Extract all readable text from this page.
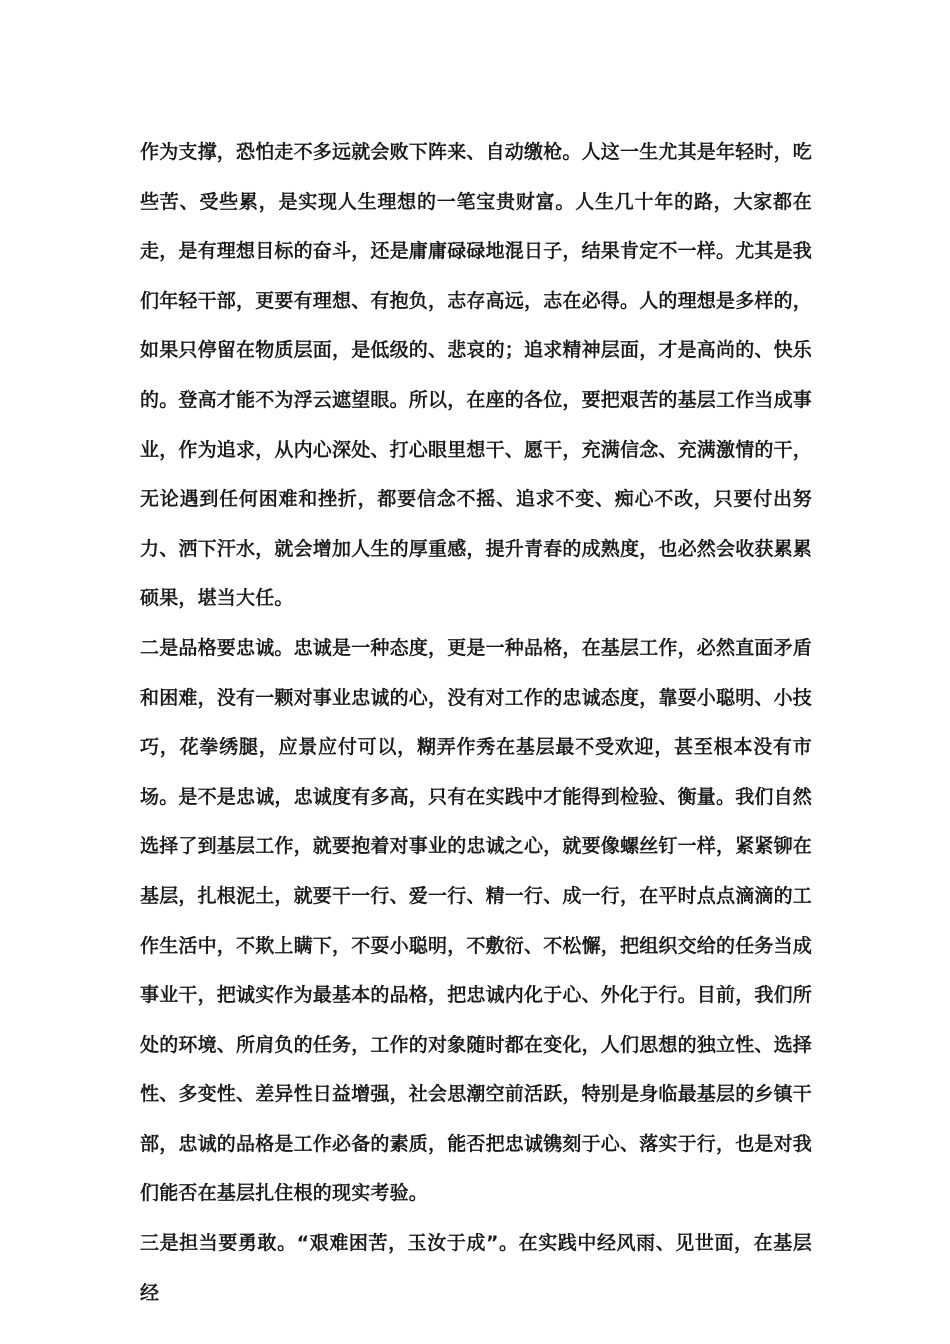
作为支撑，恐怕走不多远就会败下阵来、自动缴枪。人这一生尤其是年轻时，吃些苦、受些累，是实现人生理想的一笔宝贵财富。人生几十年的路，大家都在走，是有理想目标的奋斗，还是庸庸碌碌地混日子，结果肯定不一样。尤其是我们年轻干部，更要有理想、有抱负，志存高远，志在必得。人的理想是多样的，如果只停留在物质层面，是低级的、悲哀的；追求精神层面，才是高尚的、快乐的。登高才能不为浮云遮望眼。所以，在座的各位，要把艰苦的基层工作当成事业，作为追求，从内心深处、打心眼里想干、愿干，充满信念、充满激情的干，无论遇到任何困难和挫折，都要信念不摇、追求不变、痴心不改，只要付出努力、洒下汗水，就会增加人生的厚重感，提升青春的成熟度，也必然会收获累累硕果，堪当大任。

二是品格要忠诚。忠诚是一种态度，更是一种品格，在基层工作，必然直面矛盾和困难，没有一颗对事业忠诚的心，没有对工作的忠诚态度，靠耍小聪明、小技巧，花拳绣腿，应景应付可以，糊弄作秀在基层最不受欢迎，甚至根本没有市场。是不是忠诚，忠诚度有多高，只有在实践中才能得到检验、衡量。我们自然选择了到基层工作，就要抱着对事业的忠诚之心，就要像螺丝钉一样，紧紧铆在基层，扎根泥土，就要干一行、爱一行、精一行、成一行，在平时点点滴滴的工作生活中，不欺上瞒下，不耍小聪明，不敷衍、不松懈，把组织交给的任务当成事业干，把诚实作为最基本的品格，把忠诚内化于心、外化于行。目前，我们所处的环境、所肩负的任务，工作的对象随时都在变化，人们思想的独立性、选择性、多变性、差异性日益增强，社会思潮空前活跃，特别是身临最基层的乡镇干部，忠诚的品格是工作必备的素质，能否把忠诚镌刻于心、落实于行，也是对我们能否在基层扎住根的现实考验。

三是担当要勇敢。“艰难困苦，玉汝于成”。在实践中经风雨、见世面，在基层经
